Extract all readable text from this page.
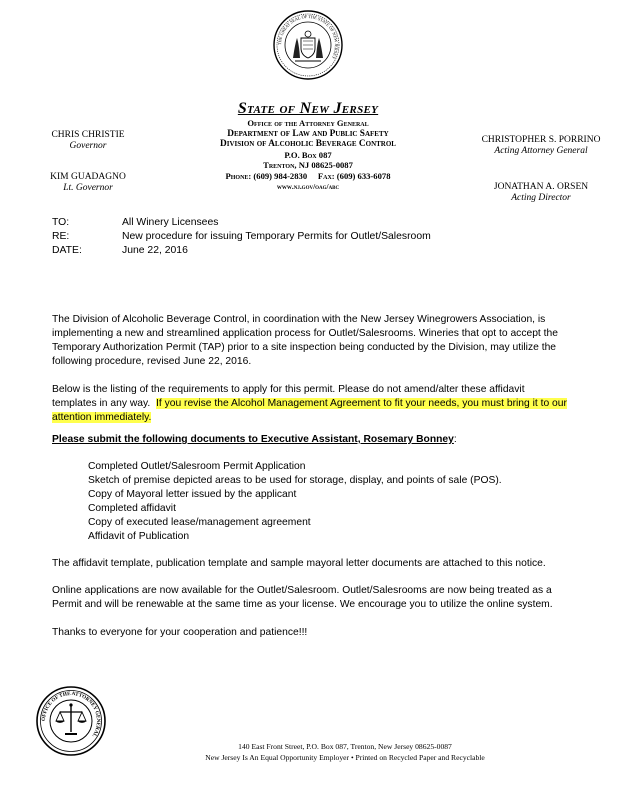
THE GREAT SEAL OF THE STATE OF NEW JERSEY
CHRIS CHRISTIE
Governor
KIM GUADAGNO
Lt. Governor
State of New Jersey
Office of the Attorney General
Department of Law and Public Safety
Division of Alcoholic Beverage Control
P.O. Box 087
Trenton, NJ 08625-0087
Phone: (609) 984-2830     Fax: (609) 633-6078
www.nj.gov/oag/abc
CHRISTOPHER S. PORRINO
Acting Attorney General
JONATHAN A. ORSEN
Acting Director
TO:	All Winery Licensees
RE:	New procedure for issuing Temporary Permits for Outlet/Salesroom
DATE:	June 22, 2016
The Division of Alcoholic Beverage Control, in coordination with the New Jersey Winegrowers Association, is
implementing a new and streamlined application process for Outlet/Salesrooms. Wineries that opt to accept the
Temporary Authorization Permit (TAP) prior to a site inspection being conducted by the Division, may utilize the
following procedure, revised June 22, 2016.
Below is the listing of the requirements to apply for this permit. Please do not amend/alter these affidavit
templates in any way.  If you revise the Alcohol Management Agreement to fit your needs, you must bring it to our
attention immediately.
Please submit the following documents to Executive Assistant, Rosemary Bonney:
Completed Outlet/Salesroom Permit Application
Sketch of premise depicted areas to be used for storage, display, and points of sale (POS).
Copy of Mayoral letter issued by the applicant
Completed affidavit
Copy of executed lease/management agreement
Affidavit of Publication
The affidavit template, publication template and sample mayoral letter documents are attached to this notice.
Online applications are now available for the Outlet/Salesroom. Outlet/Salesrooms are now being treated as a
Permit and will be renewable at the same time as your license. We encourage you to utilize the online system.
Thanks to everyone for your cooperation and patience!!!
OFFICE OF THE ATTORNEY GENERAL
140 East Front Street, P.O. Box 087, Trenton, New Jersey 08625-0087
New Jersey Is An Equal Opportunity Employer • Printed on Recycled Paper and Recyclable
